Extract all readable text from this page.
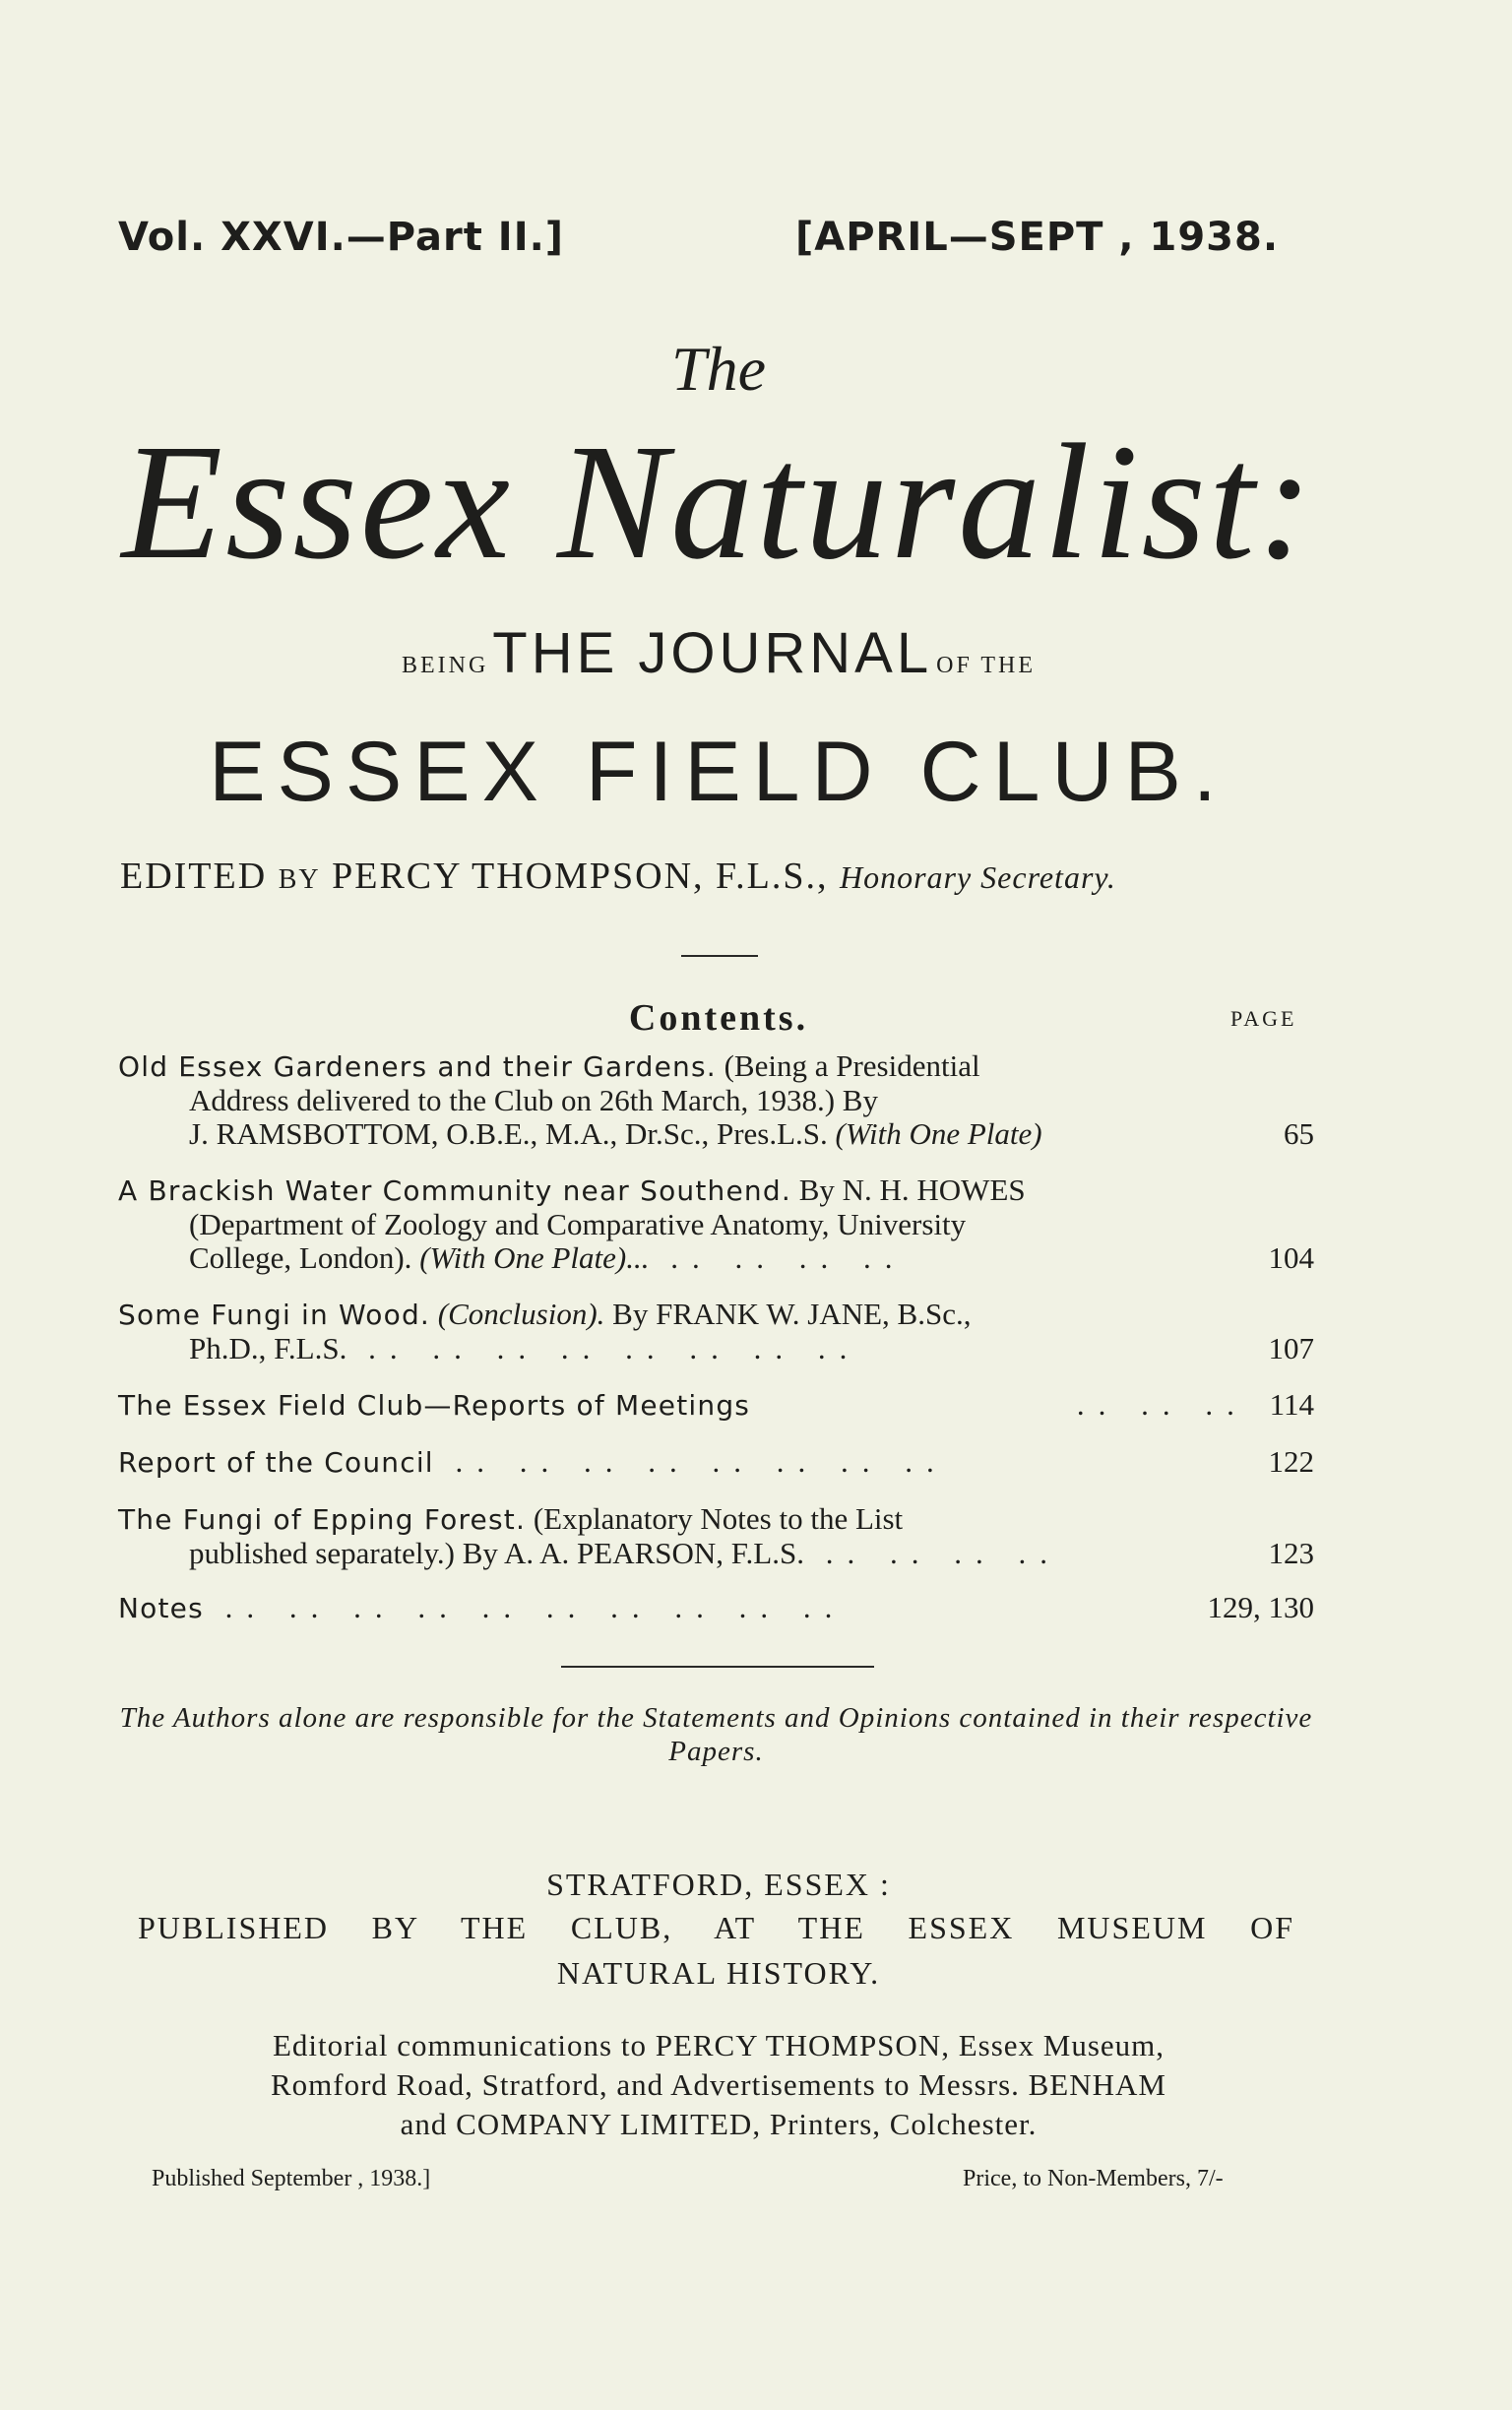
Vol. XXVI.—Part II.]	[APRIL—SEPT , 1938.
The
Essex Naturalist:
BEING THE JOURNAL OF THE
ESSEX FIELD CLUB.
EDITED BY PERCY THOMPSON, F.L.S., Honorary Secretary.
Contents.	PAGE
Old Essex Gardeners and their Gardens. (Being a Presidential
Address delivered to the Club on 26th March, 1938.) By
J. RAMSBOTTOM, O.B.E., M.A., Dr.Sc., Pres.L.S. (With One Plate)	65
A Brackish Water Community near Southend. By N. H. HOWES
(Department of Zoology and Comparative Anatomy, University
College, London). (With One Plate)... .. .. .. ..	104
Some Fungi in Wood. (Conclusion). By FRANK W. JANE, B.Sc.,
Ph.D., F.L.S. .. .. .. .. .. .. .. ..	107
The Essex Field Club—Reports of Meetings	.. .. .. 114
Report of the Council .. .. .. .. .. .. .. ..	122
The Fungi of Epping Forest. (Explanatory Notes to the List
published separately.) By A. A. PEARSON, F.L.S. .. .. .. ..	123
Notes .. .. .. .. .. .. .. .. .. ..	129, 130
The Authors alone are responsible for the Statements and Opinions contained in their respective Papers.
STRATFORD, ESSEX :
PUBLISHED BY THE CLUB, AT THE ESSEX MUSEUM OF
NATURAL HISTORY.
Editorial communications to PERCY THOMPSON, Essex Museum,
Romford Road, Stratford, and Advertisements to Messrs. BENHAM
and COMPANY LIMITED, Printers, Colchester.
Published September , 1938.]	Price, to Non-Members, 7/-
